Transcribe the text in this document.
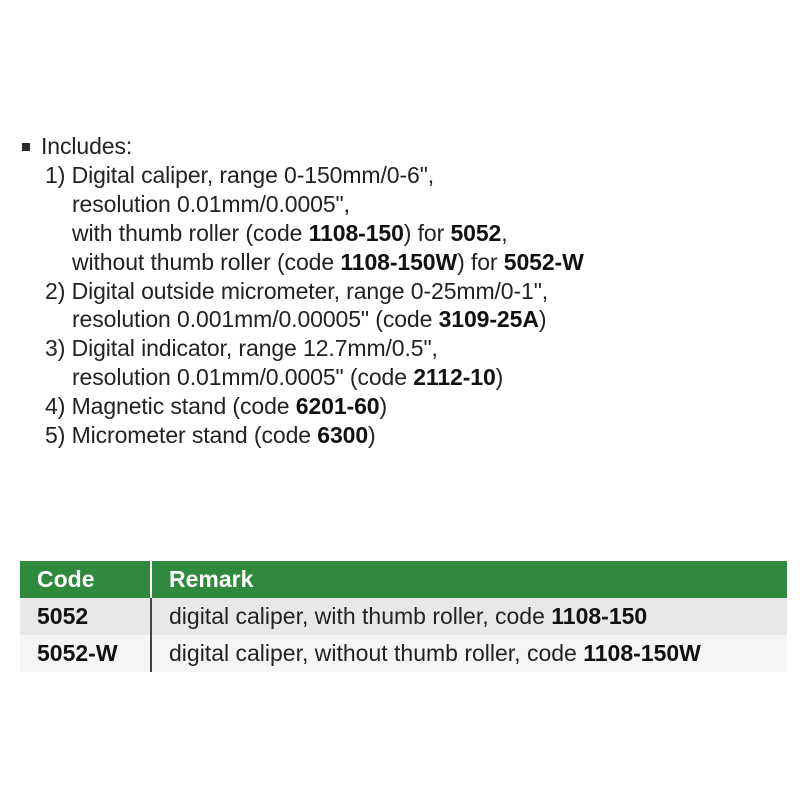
Includes:
1) Digital caliper, range 0-150mm/0-6",
resolution 0.01mm/0.0005",
with thumb roller (code 1108-150) for 5052,
without thumb roller (code 1108-150W) for 5052-W
2) Digital outside micrometer, range 0-25mm/0-1",
resolution 0.001mm/0.00005" (code 3109-25A)
3) Digital indicator, range 12.7mm/0.5",
resolution 0.01mm/0.0005" (code 2112-10)
4) Magnetic stand (code 6201-60)
5) Micrometer stand (code 6300)
Code	Remark
5052	digital caliper, with thumb roller, code 1108-150
5052-W	digital caliper, without thumb roller, code 1108-150W
